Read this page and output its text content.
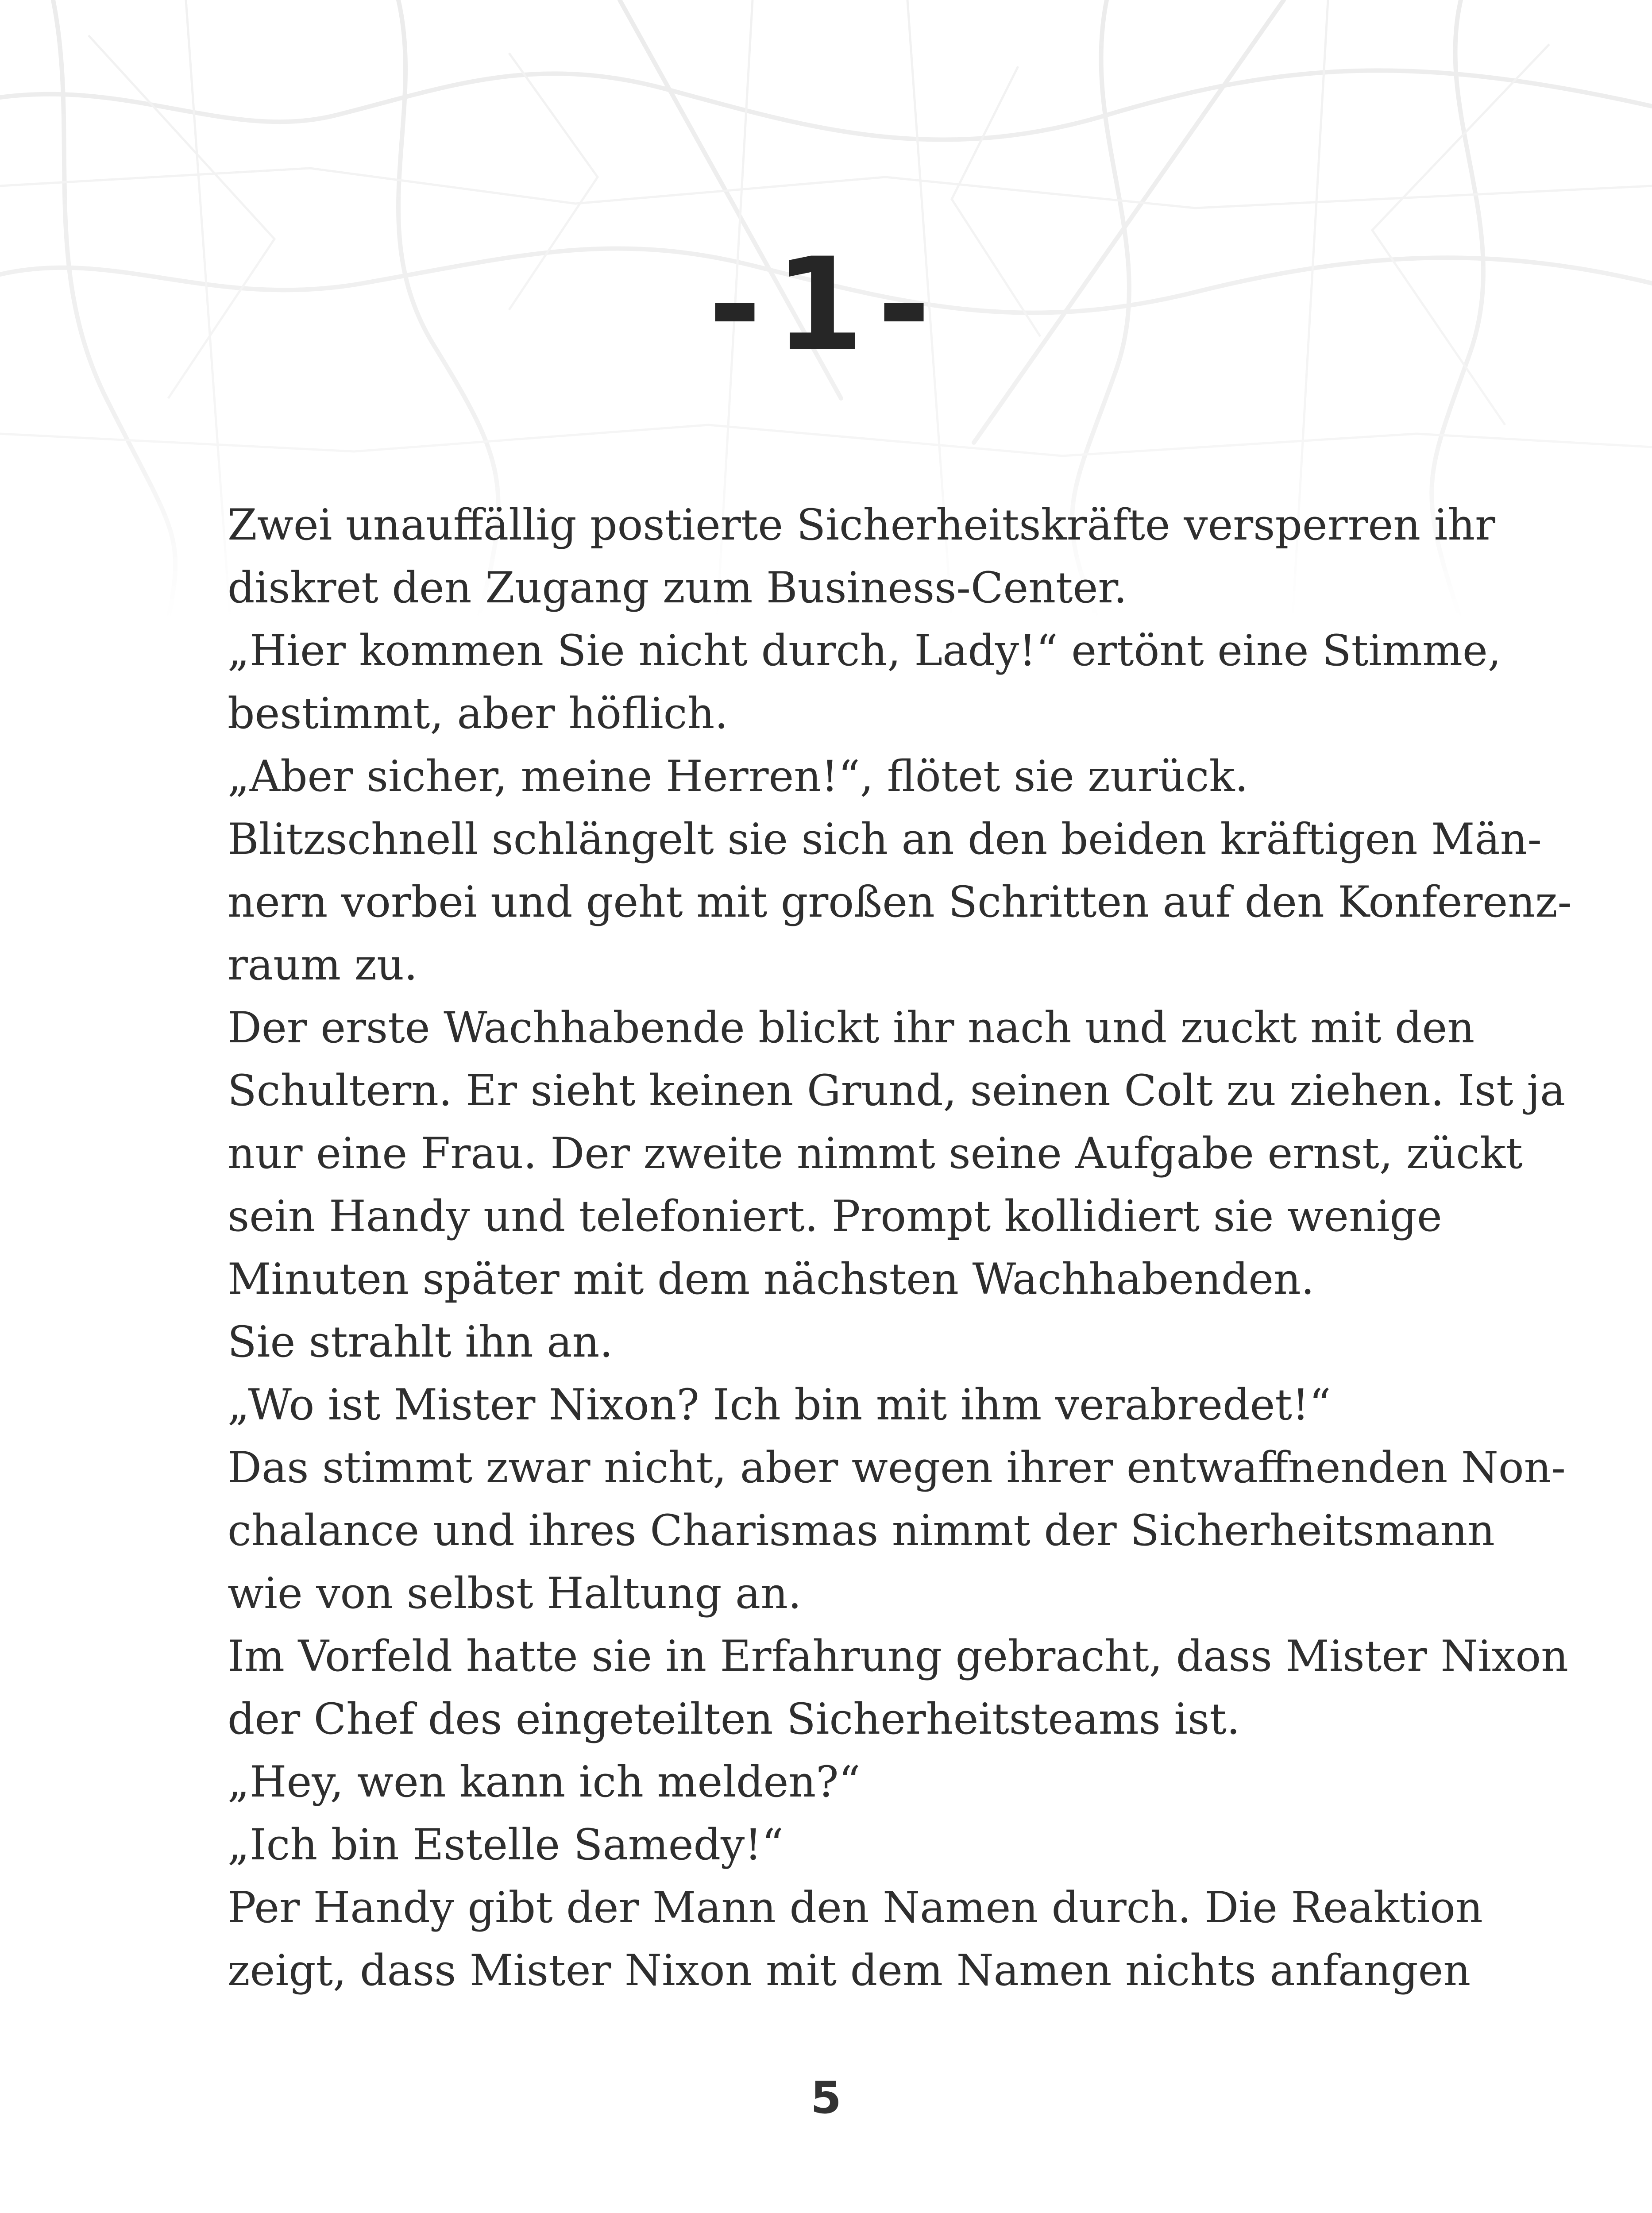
-1-
Zwei unauffällig postierte Sicherheitskräfte versperren ihr
diskret den Zugang zum Business-Center.
„Hier kommen Sie nicht durch, Lady!“ ertönt eine Stimme,
bestimmt, aber höflich.
„Aber sicher, meine Herren!“, flötet sie zurück.
Blitzschnell schlängelt sie sich an den beiden kräftigen Män-
nern vorbei und geht mit großen Schritten auf den Konferenz-
raum zu.
Der erste Wachhabende blickt ihr nach und zuckt mit den
Schultern. Er sieht keinen Grund, seinen Colt zu ziehen. Ist ja
nur eine Frau. Der zweite nimmt seine Aufgabe ernst, zückt
sein Handy und telefoniert. Prompt kollidiert sie wenige
Minuten später mit dem nächsten Wachhabenden.
Sie strahlt ihn an.
„Wo ist Mister Nixon? Ich bin mit ihm verabredet!“
Das stimmt zwar nicht, aber wegen ihrer entwaffnenden Non-
chalance und ihres Charismas nimmt der Sicherheitsmann
wie von selbst Haltung an.
Im Vorfeld hatte sie in Erfahrung gebracht, dass Mister Nixon
der Chef des eingeteilten Sicherheitsteams ist.
„Hey, wen kann ich melden?“
„Ich bin Estelle Samedy!“
Per Handy gibt der Mann den Namen durch. Die Reaktion
zeigt, dass Mister Nixon mit dem Namen nichts anfangen
5
